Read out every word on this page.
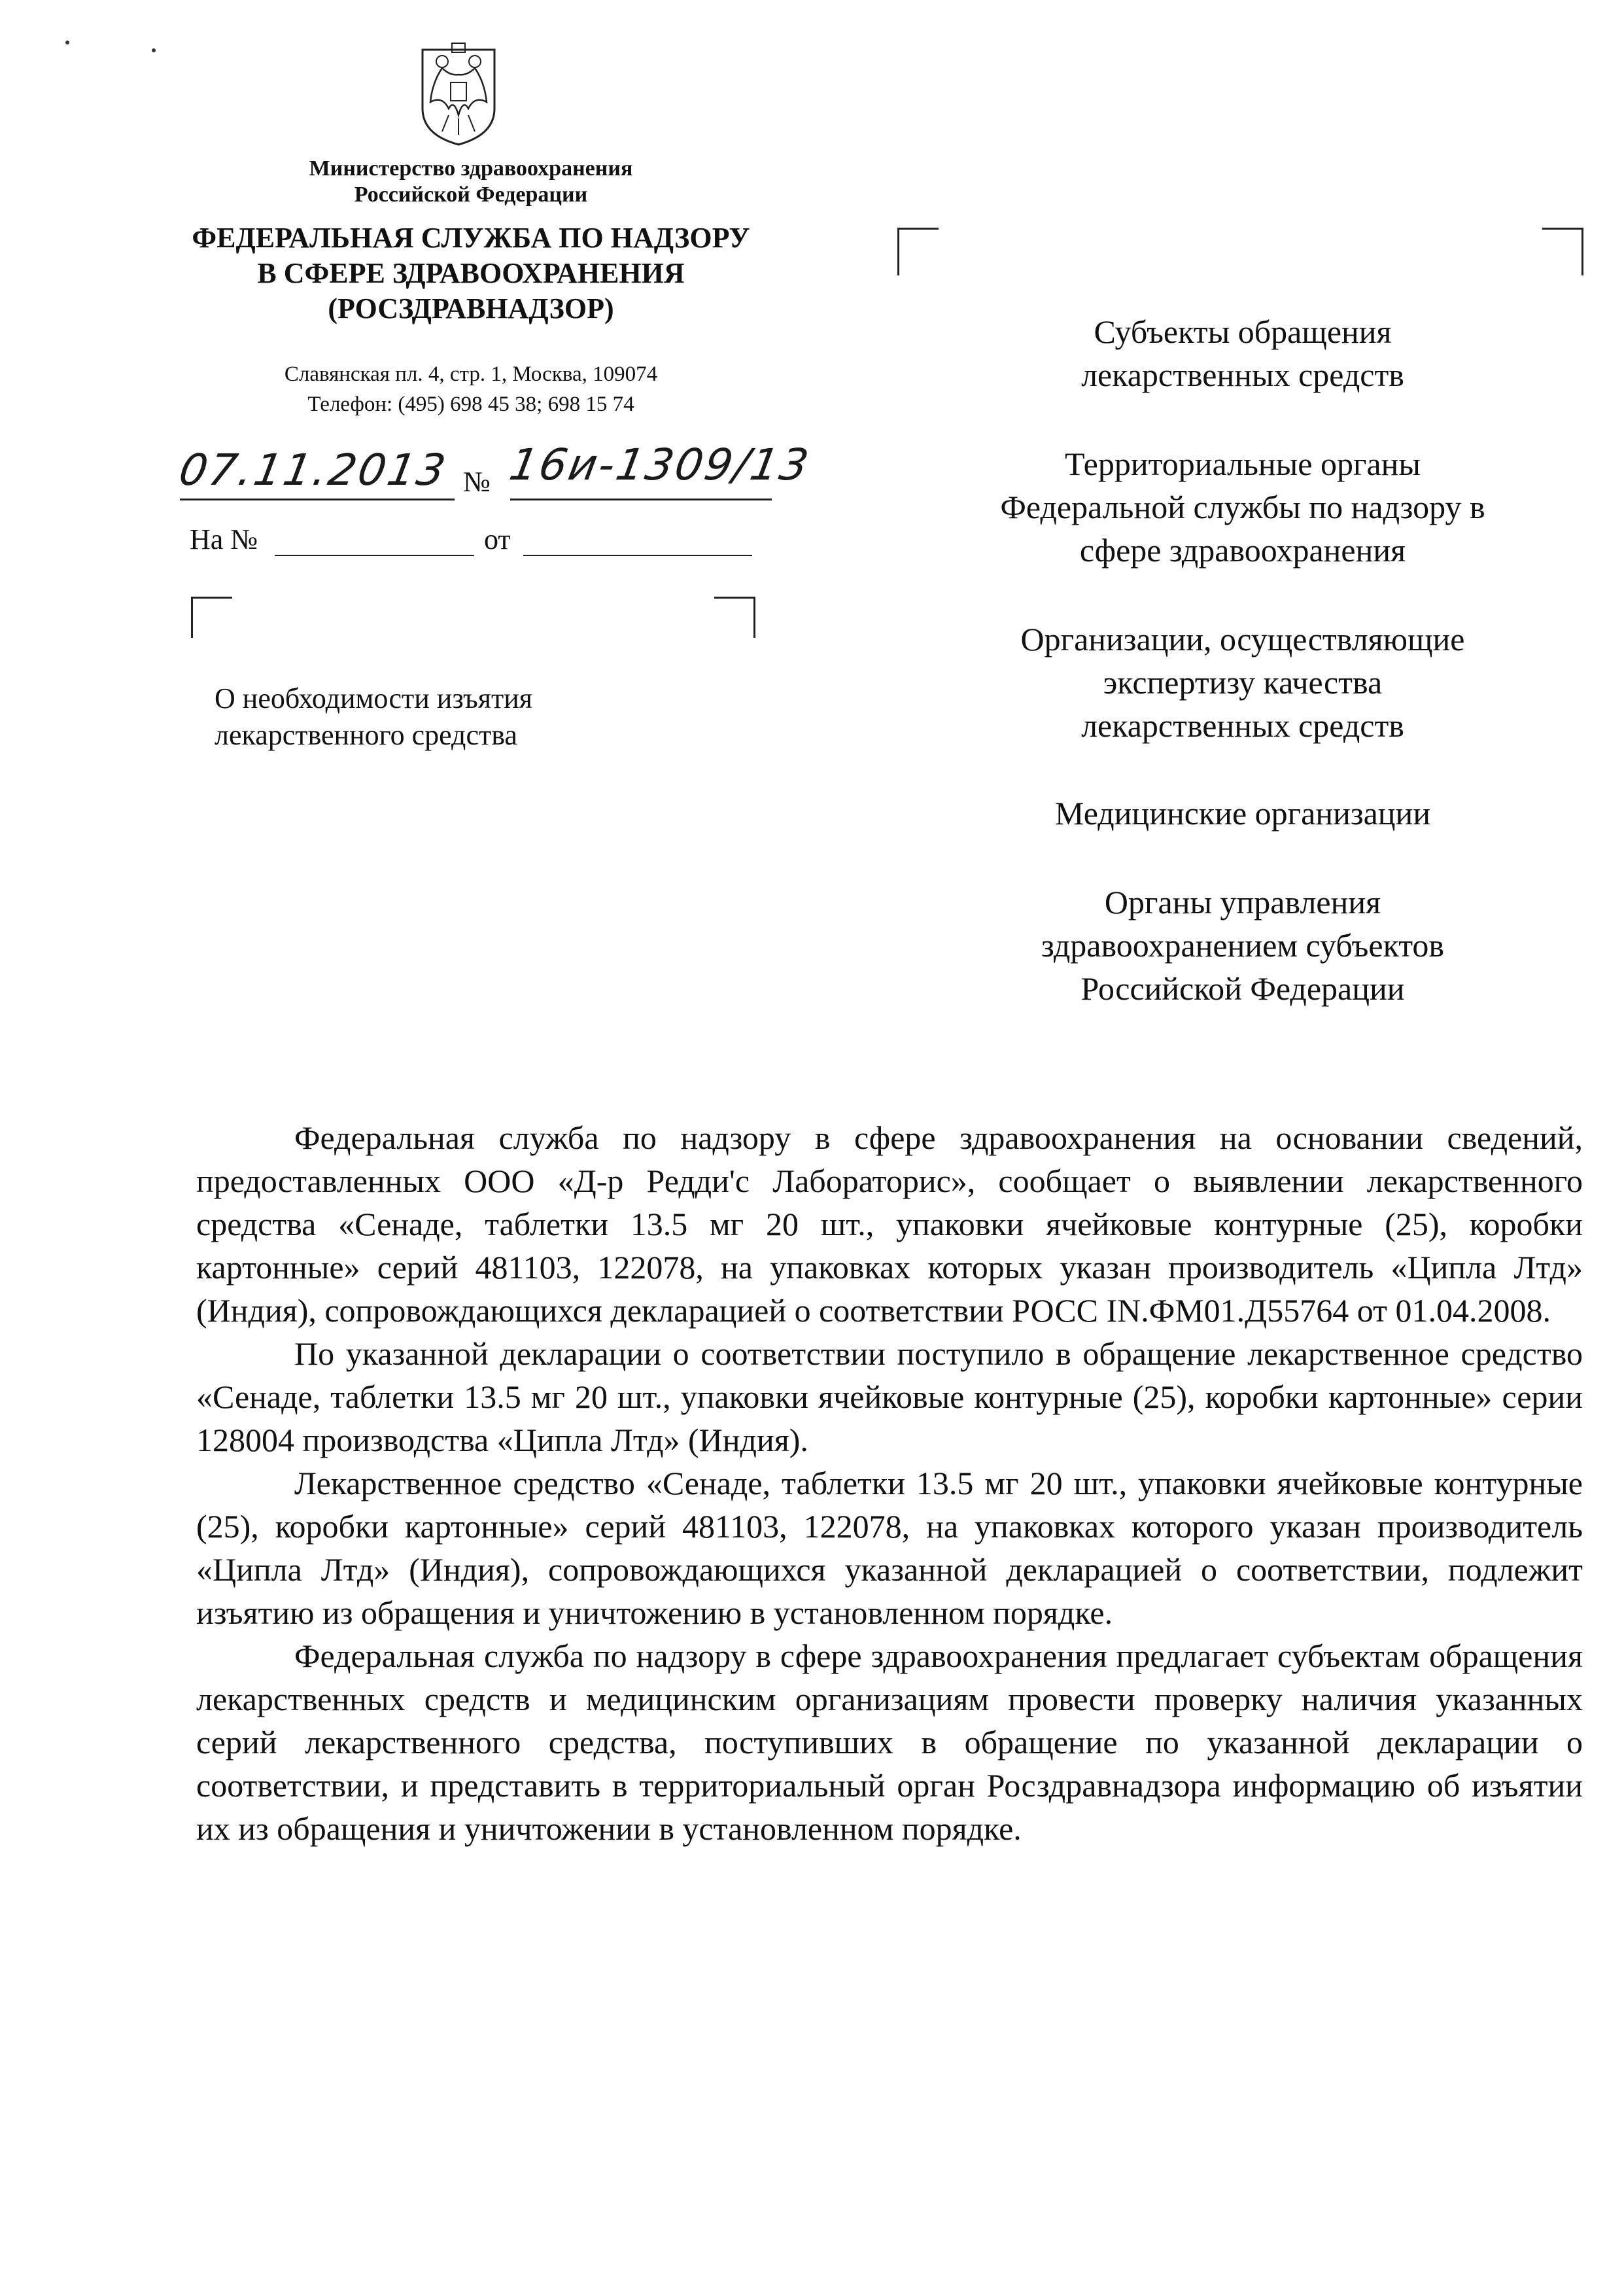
Министерство здравоохранения
Российской Федерации
ФЕДЕРАЛЬНАЯ СЛУЖБА ПО НАДЗОРУ
В СФЕРЕ ЗДРАВООХРАНЕНИЯ
(РОСЗДРАВНАДЗОР)
Славянская пл. 4, стр. 1, Москва, 109074
Телефон: (495) 698 45 38; 698 15 74
07.11.2013 № 16и-1309/13
На №	от
О необходимости изъятия
лекарственного средства
Субъекты обращения
лекарственных средств
Территориальные органы
Федеральной службы по надзору в
сфере здравоохранения
Организации, осуществляющие
экспертизу качества
лекарственных средств
Медицинские организации
Органы управления
здравоохранением субъектов
Российской Федерации

Федеральная служба по надзору в сфере здравоохранения на основании сведений, предоставленных ООО «Д-р Редди'с Лабораторис», сообщает о выявлении лекарственного средства «Сенаде, таблетки 13.5 мг 20 шт., упаковки ячейковые контурные (25), коробки картонные» серий 481103, 122078, на упаковках которых указан производитель «Ципла Лтд» (Индия), сопровождающихся декларацией о соответствии РОСС IN.ФМ01.Д55764 от 01.04.2008.

По указанной декларации о соответствии поступило в обращение лекарственное средство «Сенаде, таблетки 13.5 мг 20 шт., упаковки ячейковые контурные (25), коробки картонные» серии 128004 производства «Ципла Лтд» (Индия).

Лекарственное средство «Сенаде, таблетки 13.5 мг 20 шт., упаковки ячейковые контурные (25), коробки картонные» серий 481103, 122078, на упаковках которого указан производитель «Ципла Лтд» (Индия), сопровождающихся указанной декларацией о соответствии, подлежит изъятию из обращения и уничтожению в установленном порядке.

Федеральная служба по надзору в сфере здравоохранения предлагает субъектам обращения лекарственных средств и медицинским организациям провести проверку наличия указанных серий лекарственного средства, поступивших в обращение по указанной декларации о соответствии, и представить в территориальный орган Росздравнадзора информацию об изъятии их из обращения и уничтожении в установленном порядке.
